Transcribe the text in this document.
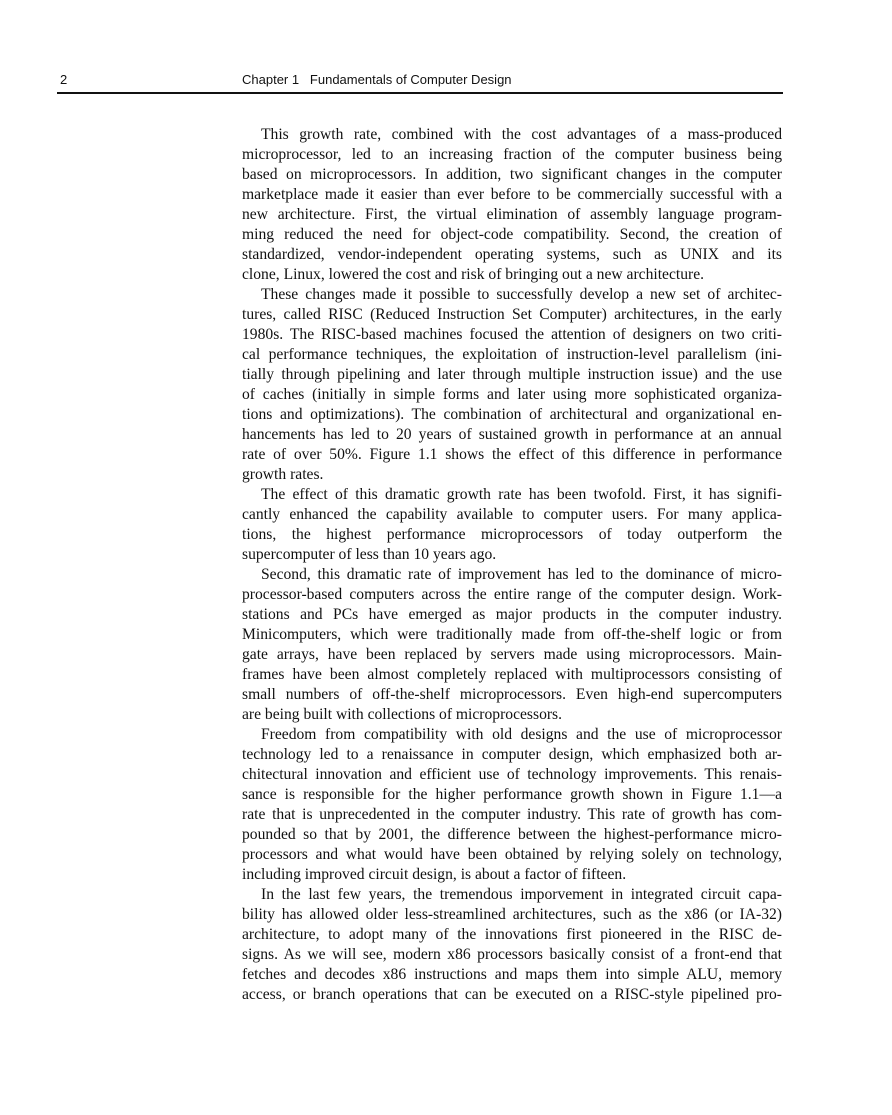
2	Chapter 1   Fundamentals of Computer Design
This growth rate, combined with the cost advantages of a mass-produced
microprocessor, led to an increasing fraction of the computer business being
based on microprocessors. In addition, two significant changes in the computer
marketplace made it easier than ever before to be commercially successful with a
new architecture. First, the virtual elimination of assembly language program-
ming reduced the need for object-code compatibility. Second, the creation of
standardized, vendor-independent operating systems, such as UNIX and its
clone, Linux, lowered the cost and risk of bringing out a new architecture.
These changes made it possible to successfully develop a new set of architec-
tures, called RISC (Reduced Instruction Set Computer) architectures, in the early
1980s. The RISC-based machines focused the attention of designers on two criti-
cal performance techniques, the exploitation of instruction-level parallelism (ini-
tially through pipelining and later through multiple instruction issue) and the use
of caches (initially in simple forms and later using more sophisticated organiza-
tions and optimizations). The combination of architectural and organizational en-
hancements has led to 20 years of sustained growth in performance at an annual
rate of over 50%. Figure 1.1 shows the effect of this difference in performance
growth rates.
The effect of this dramatic growth rate has been twofold. First, it has signifi-
cantly enhanced the capability available to computer users. For many applica-
tions, the highest performance microprocessors of today outperform the
supercomputer of less than 10 years ago.
Second, this dramatic rate of improvement has led to the dominance of micro-
processor-based computers across the entire range of the computer design. Work-
stations and PCs have emerged as major products in the computer industry.
Minicomputers, which were traditionally made from off-the-shelf logic or from
gate arrays, have been replaced by servers made using microprocessors. Main-
frames have been almost completely replaced with multiprocessors consisting of
small numbers of off-the-shelf microprocessors. Even high-end supercomputers
are being built with collections of microprocessors.
Freedom from compatibility with old designs and the use of microprocessor
technology led to a renaissance in computer design, which emphasized both ar-
chitectural innovation and efficient use of technology improvements. This renais-
sance is responsible for the higher performance growth shown in Figure 1.1—a
rate that is unprecedented in the computer industry. This rate of growth has com-
pounded so that by 2001, the difference between the highest-performance micro-
processors and what would have been obtained by relying solely on technology,
including improved circuit design, is about a factor of fifteen.
In the last few years, the tremendous imporvement in integrated circuit capa-
bility has allowed older less-streamlined architectures, such as the x86 (or IA-32)
architecture, to adopt many of the innovations first pioneered in the RISC de-
signs. As we will see, modern x86 processors basically consist of a front-end that
fetches and decodes x86 instructions and maps them into simple ALU, memory
access, or branch operations that can be executed on a RISC-style pipelined pro-
